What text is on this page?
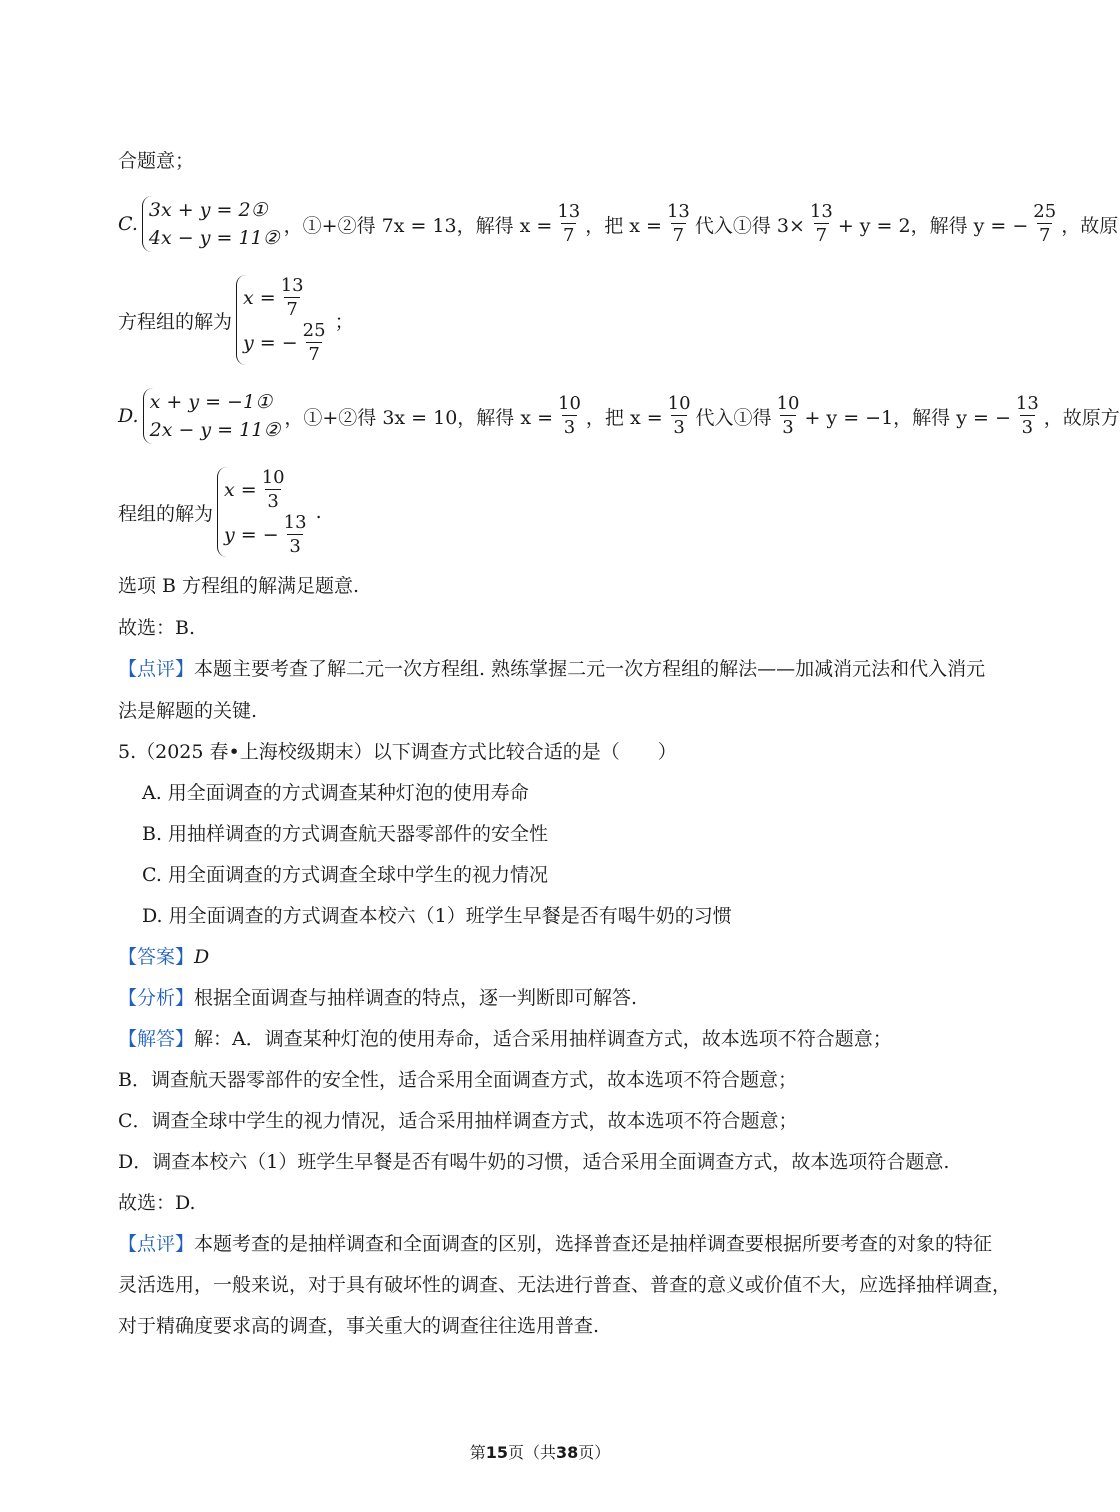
合题意；
C.
3x + y = 2①
4x − y = 11②
，①+②得 7x = 13，解得 $x = \frac{13}{7}$ ，把 $x = \frac{13}{7}$ 代入①得 $3\times \frac{13}{7} + y = 2$，解得 y = − $\frac{25}{7}$ ，故原
方程组的解为
$x = \frac{13}{7}$
y = − $\frac{25}{7}$ ；
D.
x + y = −1①
2x − y = 11②
，①+②得 3x = 10，解得 $x = \frac{10}{3}$ ，把 $x = \frac{10}{3}$ 代入①得 $\frac{10}{3} + y = -1$，解得 y = − $\frac{13}{3}$ ，故原方
程组的解为
$x = \frac{10}{3}$
y = − $\frac{13}{3}$
.
选项 B 方程组的解满足题意.
故选：B.
【点评】本题主要考查了解二元一次方程组. 熟练掌握二元一次方程组的解法——加减消元法和代入消元
法是解题的关键.
5.（2025 春•上海校级期末）以下调查方式比较合适的是（　　）
A. 用全面调查的方式调查某种灯泡的使用寿命
B. 用抽样调查的方式调查航天器零部件的安全性
C. 用全面调查的方式调查全球中学生的视力情况
D. 用全面调查的方式调查本校六（1）班学生早餐是否有喝牛奶的习惯
【答案】D
【分析】根据全面调查与抽样调查的特点，逐一判断即可解答.
【解答】解：A．调查某种灯泡的使用寿命，适合采用抽样调查方式，故本选项不符合题意；
B．调查航天器零部件的安全性，适合采用全面调查方式，故本选项不符合题意；
C．调查全球中学生的视力情况，适合采用抽样调查方式，故本选项不符合题意；
D．调查本校六（1）班学生早餐是否有喝牛奶的习惯，适合采用全面调查方式，故本选项符合题意.
故选：D.
【点评】本题考查的是抽样调查和全面调查的区别，选择普查还是抽样调查要根据所要考查的对象的特征
灵活选用，一般来说，对于具有破坏性的调查、无法进行普查、普查的意义或价值不大，应选择抽样调查，
对于精确度要求高的调查，事关重大的调查往往选用普查.
第15页（共38页）
